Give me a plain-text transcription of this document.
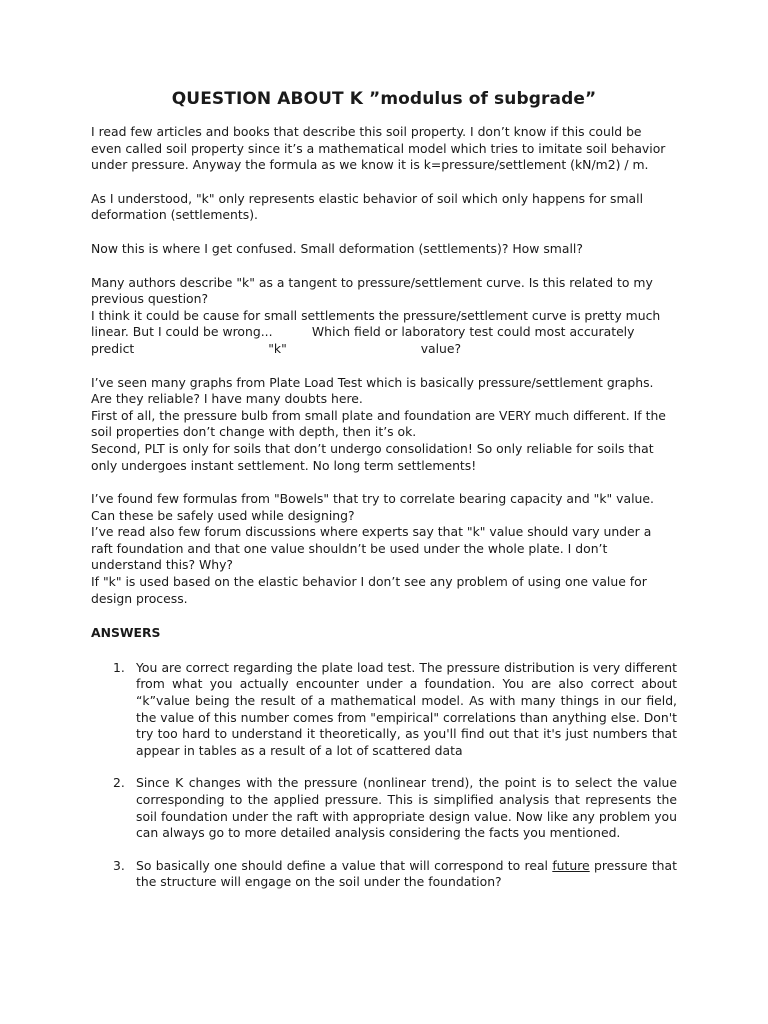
QUESTION ABOUT K ”modulus of subgrade”
I read few articles and books that describe this soil property. I don’t know if this could be
even called soil property since it’s a mathematical model which tries to imitate soil behavior
under pressure. Anyway the formula as we know it is k=pressure/settlement (kN/m2) / m.
As I understood, "k" only represents elastic behavior of soil which only happens for small
deformation (settlements).
Now this is where I get confused. Small deformation (settlements)? How small?
Many authors describe "k" as a tangent to pressure/settlement curve. Is this related to my
previous question?
I think it could be cause for small settlements the pressure/settlement curve is pretty much
linear. But I could be wrong...          Which field or laboratory test could most accurately
predict                                  "k"                                  value?
I’ve seen many graphs from Plate Load Test which is basically pressure/settlement graphs.
Are they reliable? I have many doubts here.
First of all, the pressure bulb from small plate and foundation are VERY much different. If the
soil properties don’t change with depth, then it’s ok.
Second, PLT is only for soils that don’t undergo consolidation! So only reliable for soils that
only undergoes instant settlement. No long term settlements!
I’ve found few formulas from "Bowels" that try to correlate bearing capacity and "k" value.
Can these be safely used while designing?
I’ve read also few forum discussions where experts say that "k" value should vary under a
raft foundation and that one value shouldn’t be used under the whole plate. I don’t
understand this? Why?
If "k" is used based on the elastic behavior I don’t see any problem of using one value for
design process.
ANSWERS
1. You are correct regarding the plate load test. The pressure distribution is very different from what you actually encounter under a foundation. You are also correct about “k”value being the result of a mathematical model. As with many things in our field, the value of this number comes from "empirical" correlations than anything else. Don't try too hard to understand it theoretically, as you'll find out that it's just numbers that appear in tables as a result of a lot of scattered data
2. Since K changes with the pressure (nonlinear trend), the point is to select the value corresponding to the applied pressure. This is simplified analysis that represents the soil foundation under the raft with appropriate design value. Now like any problem you can always go to more detailed analysis considering the facts you mentioned.
3. So basically one should define a value that will correspond to real future pressure that the structure will engage on the soil under the foundation?
